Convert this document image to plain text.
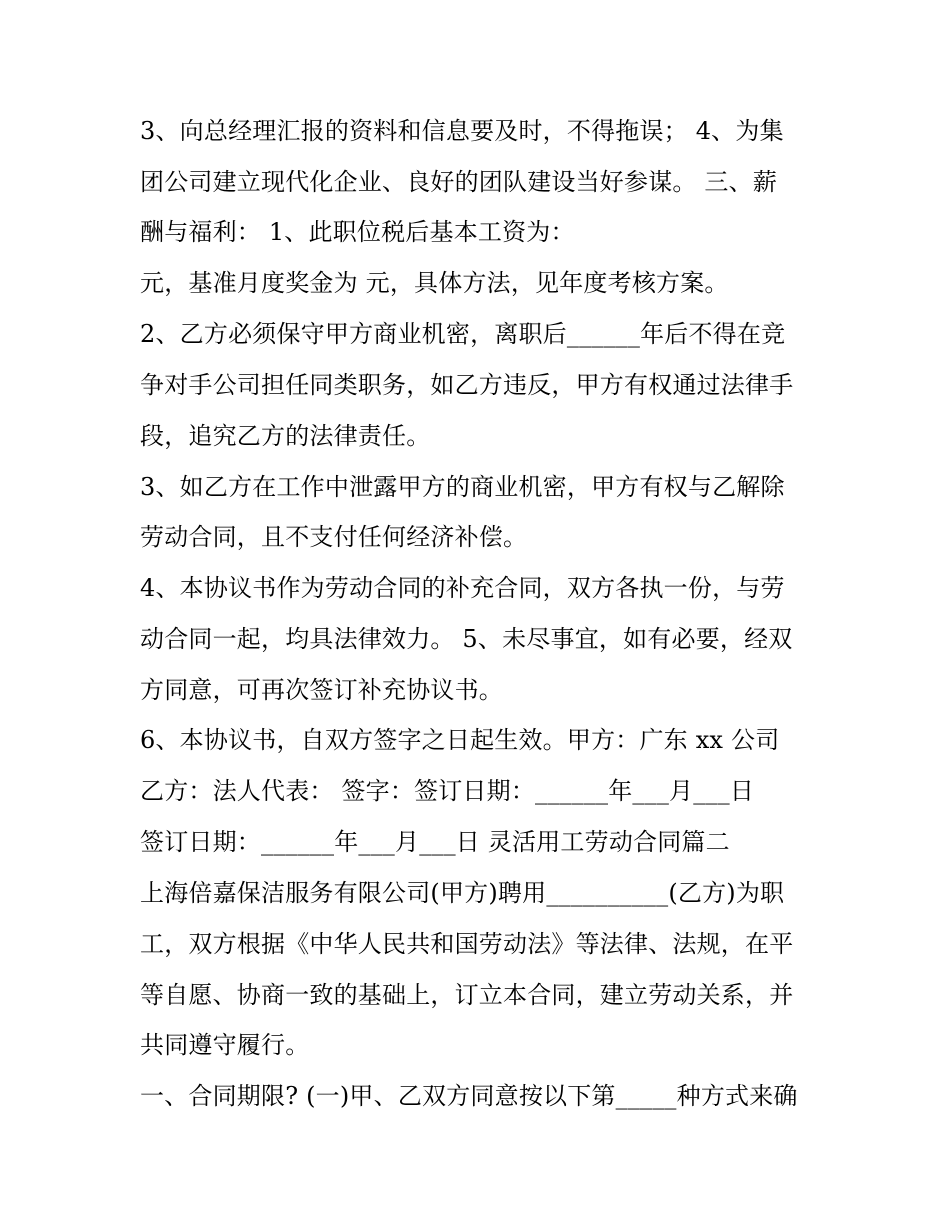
3、向总经理汇报的资料和信息要及时，不得拖误； 4、为集
团公司建立现代化企业、良好的团队建设当好参谋。 三、薪
酬与福利： 1、此职位税后基本工资为：
元，基准月度奖金为 元，具体方法，见年度考核方案。
2、乙方必须保守甲方商业机密，离职后______年后不得在竞
争对手公司担任同类职务，如乙方违反，甲方有权通过法律手
段，追究乙方的法律责任。
3、如乙方在工作中泄露甲方的商业机密，甲方有权与乙解除
劳动合同，且不支付任何经济补偿。
4、本协议书作为劳动合同的补充合同，双方各执一份，与劳
动合同一起，均具法律效力。 5、未尽事宜，如有必要，经双
方同意，可再次签订补充协议书。
6、本协议书，自双方签字之日起生效。甲方：广东 xx 公司
乙方：法人代表： 签字：签订日期：______年___月___日
签订日期：______年___月___日 灵活用工劳动合同篇二
上海倍嘉保洁服务有限公司(甲方)聘用__________(乙方)为职
工，双方根据《中华人民共和国劳动法》等法律、法规，在平
等自愿、协商一致的基础上，订立本合同，建立劳动关系，并
共同遵守履行。
一、合同期限? (一)甲、乙双方同意按以下第_____种方式来确
